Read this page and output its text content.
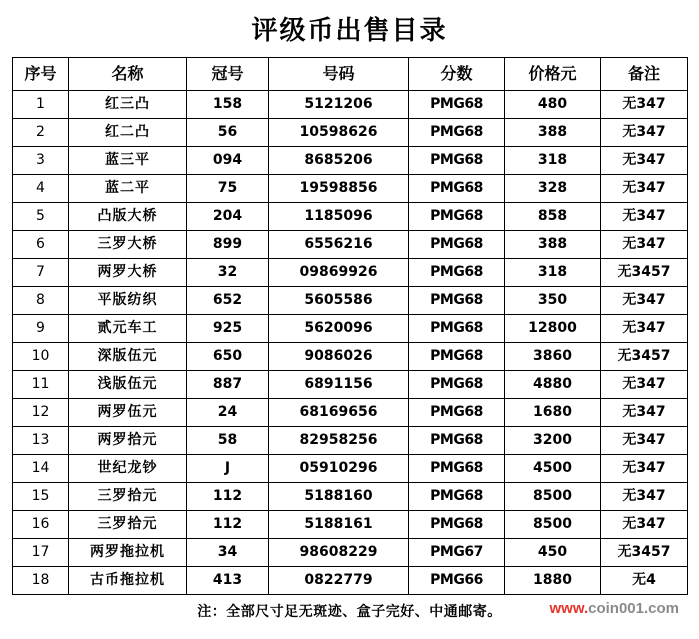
评级币出售目录
序号	名称	冠号	号码	分数	价格元	备注
1	红三凸	158	5121206	PMG68	480	无347
2	红二凸	56	10598626	PMG68	388	无347
3	蓝三平	094	8685206	PMG68	318	无347
4	蓝二平	75	19598856	PMG68	328	无347
5	凸版大桥	204	1185096	PMG68	858	无347
6	三罗大桥	899	6556216	PMG68	388	无347
7	两罗大桥	32	09869926	PMG68	318	无3457
8	平版纺织	652	5605586	PMG68	350	无347
9	贰元车工	925	5620096	PMG68	12800	无347
10	深版伍元	650	9086026	PMG68	3860	无3457
11	浅版伍元	887	6891156	PMG68	4880	无347
12	两罗伍元	24	68169656	PMG68	1680	无347
13	两罗拾元	58	82958256	PMG68	3200	无347
14	世纪龙钞	J	05910296	PMG68	4500	无347
15	三罗拾元	112	5188160	PMG68	8500	无347
16	三罗拾元	112	5188161	PMG68	8500	无347
17	两罗拖拉机	34	98608229	PMG67	450	无3457
18	古币拖拉机	413	0822779	PMG66	1880	无4
注：全部尺寸足无斑迹、盒子完好、中通邮寄。	www.coin001.com
